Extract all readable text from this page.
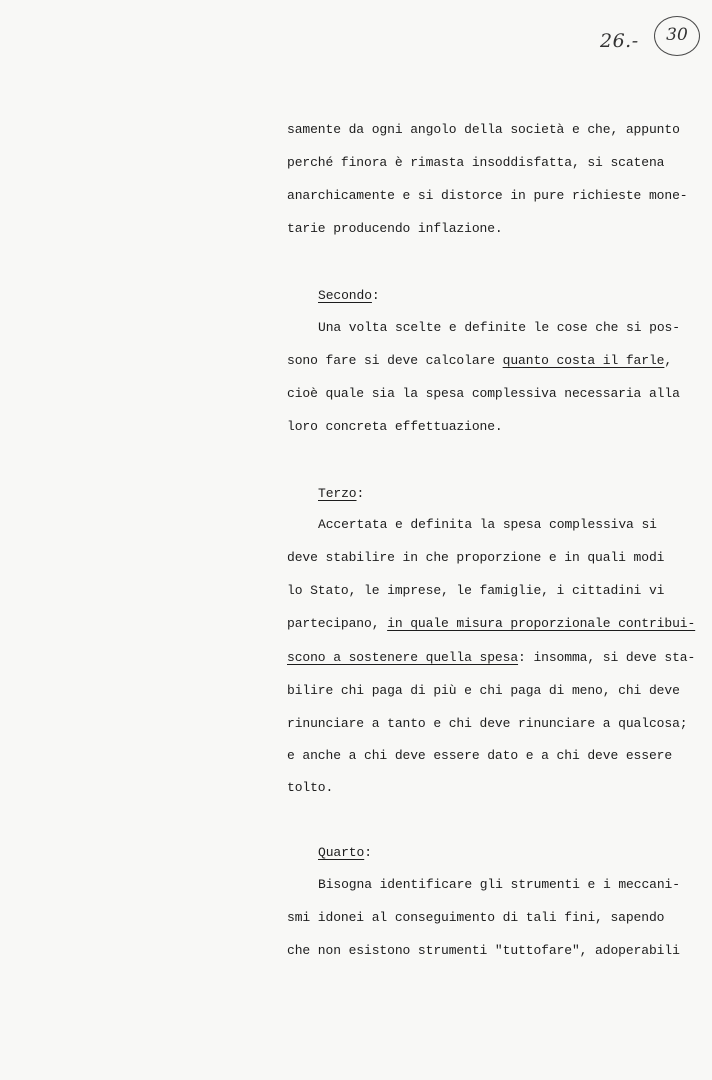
26.-	30
samente da ogni angolo della società e che, appunto
perché finora è rimasta insoddisfatta, si scatena
anarchicamente e si distorce in pure richieste mone-
tarie producendo inflazione.
Secondo:
Una volta scelte e definite le cose che si pos-
sono fare si deve calcolare quanto costa il farle,
cioè quale sia la spesa complessiva necessaria alla
loro concreta effettuazione.
Terzo:
Accertata e definita la spesa complessiva si
deve stabilire in che proporzione e in quali modi
lo Stato, le imprese, le famiglie, i cittadini vi
partecipano, in quale misura proporzionale contribui-
scono a sostenere quella spesa: insomma, si deve sta-
bilire chi paga di più e chi paga di meno, chi deve
rinunciare a tanto e chi deve rinunciare a qualcosa;
e anche a chi deve essere dato e a chi deve essere
tolto.
Quarto:
Bisogna identificare gli strumenti e i meccani-
smi idonei al conseguimento di tali fini, sapendo
che non esistono strumenti "tuttofare", adoperabili
